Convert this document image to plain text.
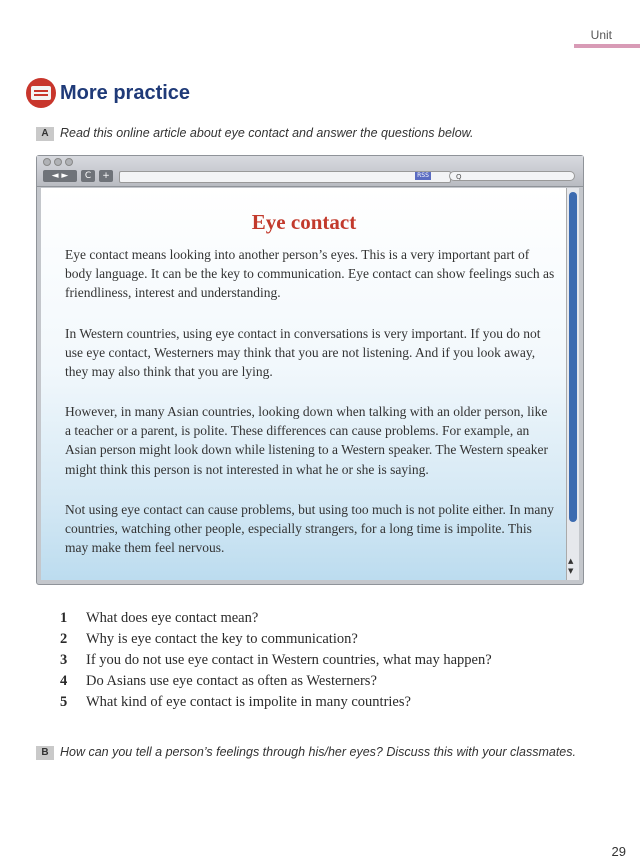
Unit
More practice
A Read this online article about eye contact and answer the questions below.
◄ ►	C	+	RSS	Q
Eye contact
Eye contact means looking into another person’s eyes. This is a very important part of body language. It can be the key to communication. Eye contact can show feelings such as friendliness, interest and understanding.
In Western countries, using eye contact in conversations is very important. If you do not use eye contact, Westerners may think that you are not listening. And if you look away, they may also think that you are lying.
However, in many Asian countries, looking down when talking with an older person, like a teacher or a parent, is polite. These differences can cause problems. For example, an Asian person might look down while listening to a Western speaker. The Western speaker might think this person is not interested in what he or she is saying.
Not using eye contact can cause problems, but using too much is not polite either. In many countries, watching other people, especially strangers, for a long time is impolite. This may make them feel nervous.
▲
▼
1	What does eye contact mean?
2	Why is eye contact the key to communication?
3	If you do not use eye contact in Western countries, what may happen?
4	Do Asians use eye contact as often as Westerners?
5	What kind of eye contact is impolite in many countries?
B How can you tell a person’s feelings through his/her eyes? Discuss this with your classmates.
29
